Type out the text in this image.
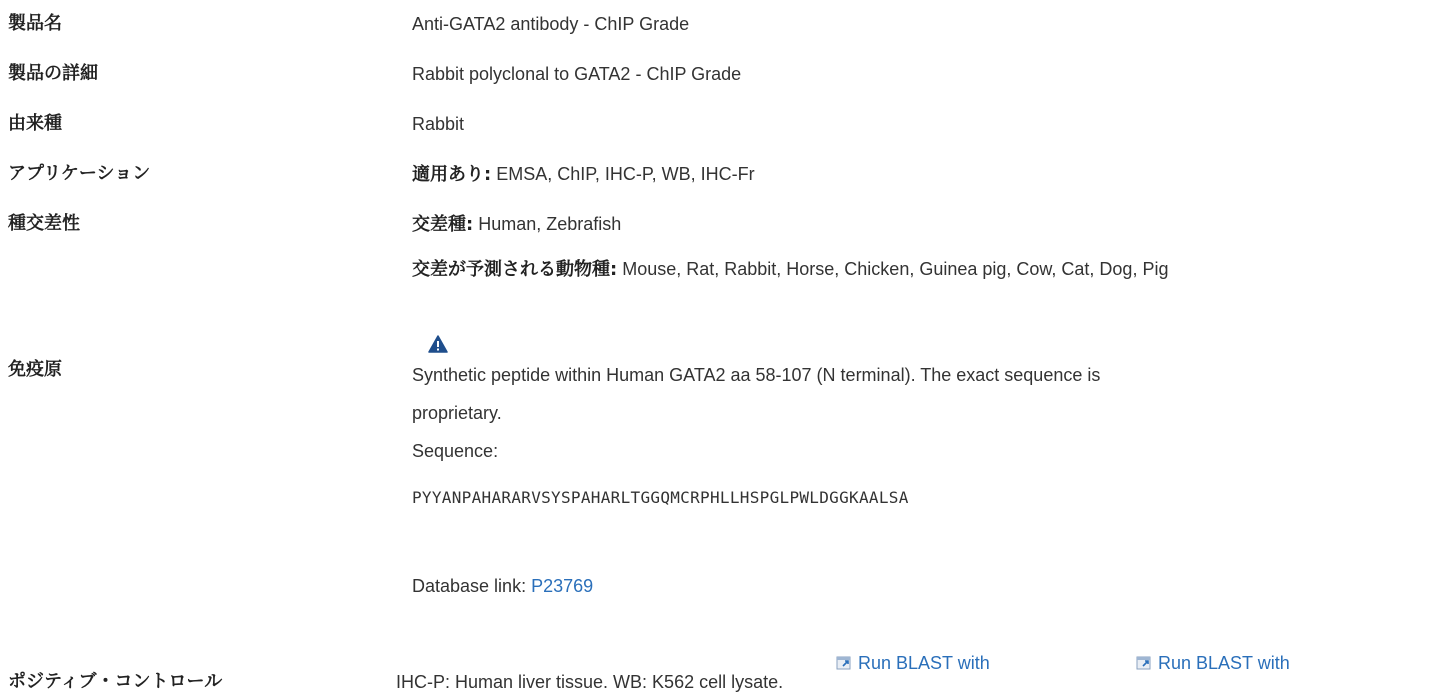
製品名	Anti-GATA2 antibody - ChIP Grade
製品の詳細	Rabbit polyclonal to GATA2 - ChIP Grade
由来種	Rabbit
アプリケーション	適用あり: EMSA, ChIP, IHC-P, WB, IHC-Fr
種交差性	交差種: Human, Zebrafish
交差が予測される動物種: Mouse, Rat, Rabbit, Horse, Chicken, Guinea pig, Cow, Cat, Dog, Pig
免疫原	Synthetic peptide within Human GATA2 aa 58-107 (N terminal). The exact sequence is
proprietary.
Sequence:
PYYANPAHARARVSYSPAHARLTGGQMCRPHLLHSPGLPWLDGGKAALSA
Database link: P23769
Run BLAST with	Run BLAST with
ポジティブ・コントロール	IHC-P: Human liver tissue. WB: K562 cell lysate.
